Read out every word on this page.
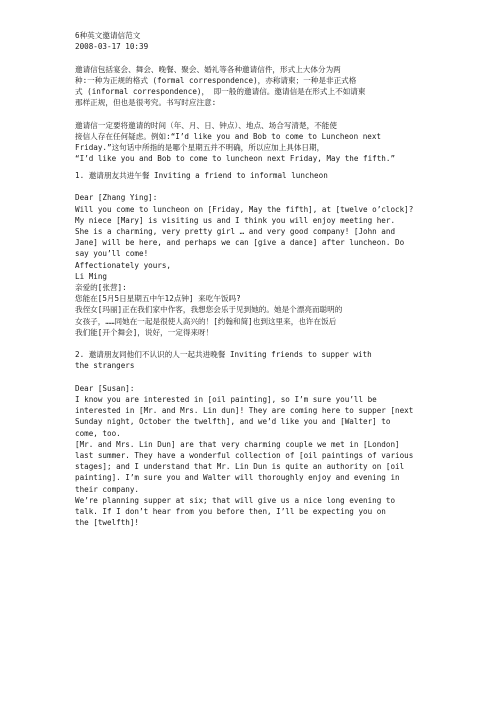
6种英文邀请信范文
2008-03-17 10:39
邀请信包括宴会、舞会、晚餐、聚会、婚礼等各种邀请信件，形式上大体分为两
种:一种为正规的格式 (formal correspondence)，亦称请柬；一种是非正式格
式 (informal correspondence)， 即一般的邀请信。邀请信是在形式上不如请柬
那样正规，但也是很考究。书写时应注意:
邀请信一定要将邀请的时间（年、月、日、钟点）、地点、场合写清楚，不能使
接信人存在任何疑虑。例如:“I’d like you and Bob to come to Luncheon next
Friday.”这句话中所指的是哪个星期五并不明确，所以应加上具体日期，
“I’d like you and Bob to come to luncheon next Friday, May the fifth.”
1. 邀请朋友共进午餐 Inviting a friend to informal luncheon
Dear [Zhang Ying]:
Will you come to luncheon on [Friday, May the fifth], at [twelve o’clock]?
My niece [Mary] is visiting us and I think you will enjoy meeting her.
She is a charming, very pretty girl … and very good company! [John and
Jane] will be here, and perhaps we can [give a dance] after luncheon. Do
say you’ll come!
Affectionately yours,
Li Ming
亲爱的[张营]:
您能在[5月5日星期五中午12点钟] 来吃午饭吗?
我侄女[玛丽]正在我们家中作客，我想您会乐于见到她的。她是个漂亮而聪明的
女孩子，……同她在一起是很使人高兴的！[约翰和简]也到这里来，也许在饭后
我们能[开个舞会]，说好，一定得来呀！
2. 邀请朋友同他们不认识的人一起共进晚餐 Inviting friends to supper with
the strangers
Dear [Susan]:
I know you are interested in [oil painting], so I’m sure you’ll be
interested in [Mr. and Mrs. Lin dun]! They are coming here to supper [next
Sunday night, October the twelfth], and we’d like you and [Walter] to
come, too.
[Mr. and Mrs. Lin Dun] are that very charming couple we met in [London]
last summer. They have a wonderful collection of [oil paintings of various
stages]; and I understand that Mr. Lin Dun is quite an authority on [oil
painting]. I’m sure you and Walter will thoroughly enjoy and evening in
their company.
We’re planning supper at six; that will give us a nice long evening to
talk. If I don’t hear from you before then, I’ll be expecting you on
the [twelfth]!
